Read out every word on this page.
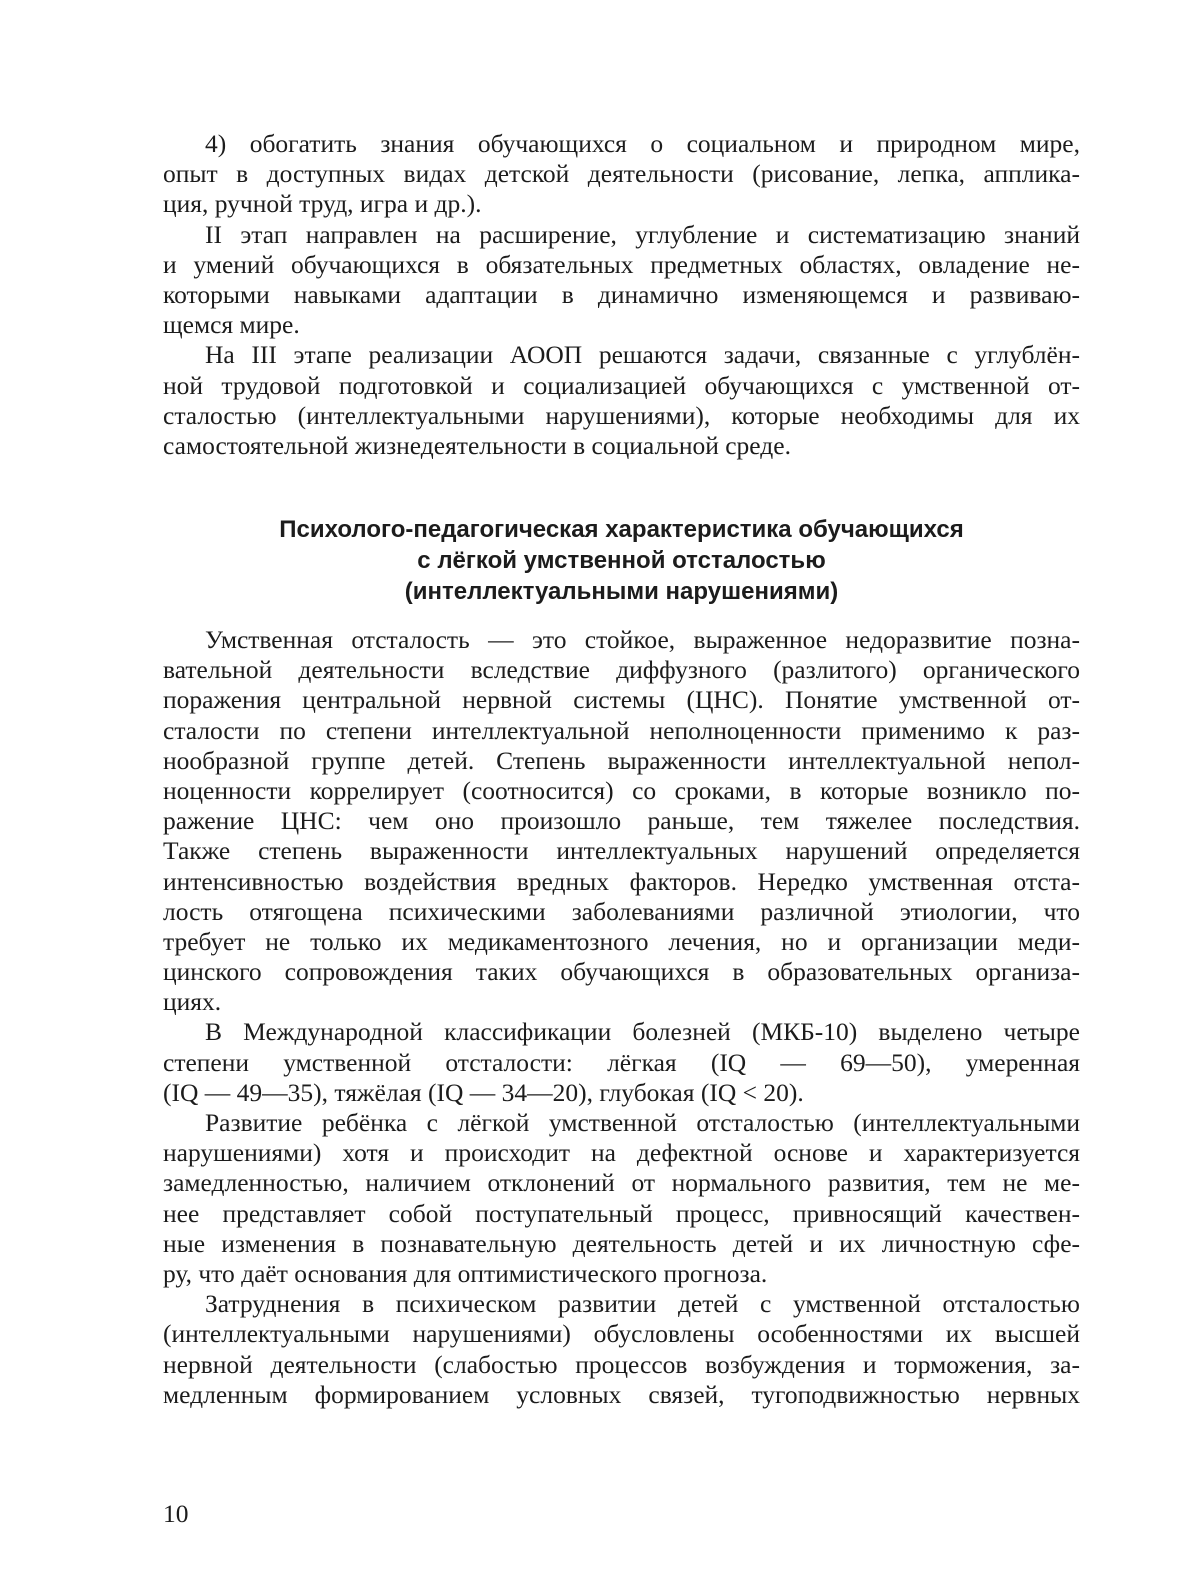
4) обогатить знания обучающихся о социальном и природном мире,
опыт в доступных видах детской деятельности (рисование, лепка, апплика-
ция, ручной труд, игра и др.).
II этап направлен на расширение, углубление и систематизацию знаний
и умений обучающихся в обязательных предметных областях, овладение не-
которыми навыками адаптации в динамично изменяющемся и развиваю-
щемся мире.
На III этапе реализации АООП решаются задачи, связанные с углублён-
ной трудовой подготовкой и социализацией обучающихся с умственной от-
сталостью (интеллектуальными нарушениями), которые необходимы для их
самостоятельной жизнедеятельности в социальной среде.
Психолого-педагогическая характеристика обучающихся
с лёгкой умственной отсталостью
(интеллектуальными нарушениями)
Умственная отсталость — это стойкое, выраженное недоразвитие позна-
вательной деятельности вследствие диффузного (разлитого) органического
поражения центральной нервной системы (ЦНС). Понятие умственной от-
сталости по степени интеллектуальной неполноценности применимо к раз-
нообразной группе детей. Степень выраженности интеллектуальной непол-
ноценности коррелирует (соотносится) со сроками, в которые возникло по-
ражение ЦНС: чем оно произошло раньше, тем тяжелее последствия.
Также степень выраженности интеллектуальных нарушений определяется
интенсивностью воздействия вредных факторов. Нередко умственная отста-
лость отягощена психическими заболеваниями различной этиологии, что
требует не только их медикаментозного лечения, но и организации меди-
цинского сопровождения таких обучающихся в образовательных организа-
циях.
В Международной классификации болезней (МКБ-10) выделено четыре
степени умственной отсталости: лёгкая (IQ — 69—50), умеренная
(IQ — 49—35), тяжёлая (IQ — 34—20), глубокая (IQ < 20).
Развитие ребёнка с лёгкой умственной отсталостью (интеллектуальными
нарушениями) хотя и происходит на дефектной основе и характеризуется
замедленностью, наличием отклонений от нормального развития, тем не ме-
нее представляет собой поступательный процесс, привносящий качествен-
ные изменения в познавательную деятельность детей и их личностную сфе-
ру, что даёт основания для оптимистического прогноза.
Затруднения в психическом развитии детей с умственной отсталостью
(интеллектуальными нарушениями) обусловлены особенностями их высшей
нервной деятельности (слабостью процессов возбуждения и торможения, за-
медленным формированием условных связей, тугоподвижностью нервных
10
